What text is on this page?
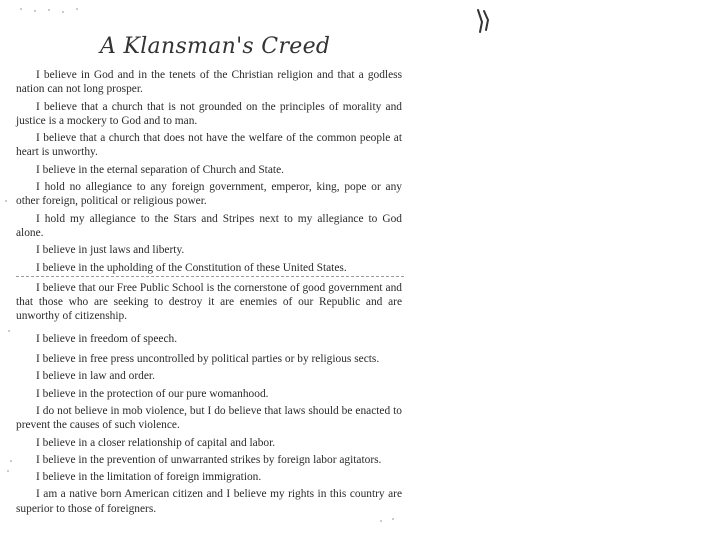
A Klansman's Creed

I believe in God and in the tenets of the Christian religion and that a godless nation can not long prosper.

I believe that a church that is not grounded on the principles of morality and justice is a mockery to God and to man.

I believe that a church that does not have the welfare of the common people at heart is unworthy.

I believe in the eternal separation of Church and State.

I hold no allegiance to any foreign government, emperor, king, pope or any other foreign, political or religious power.

I hold my allegiance to the Stars and Stripes next to my allegiance to God alone.

I believe in just laws and liberty.

I believe in the upholding of the Constitution of these United States.

I believe that our Free Public School is the cornerstone of good government and that those who are seeking to destroy it are enemies of our Republic and are unworthy of citizenship.

I believe in freedom of speech.

I believe in free press uncontrolled by political parties or by religious sects.

I believe in law and order.

I believe in the protection of our pure womanhood.

I do not believe in mob violence, but I do believe that laws should be enacted to prevent the causes of such violence.

I believe in a closer relationship of capital and labor.

I believe in the prevention of unwarranted strikes by foreign labor agitators.

I believe in the limitation of foreign immigration.

I am a native born American citizen and I believe my rights in this country are superior to those of foreigners.
